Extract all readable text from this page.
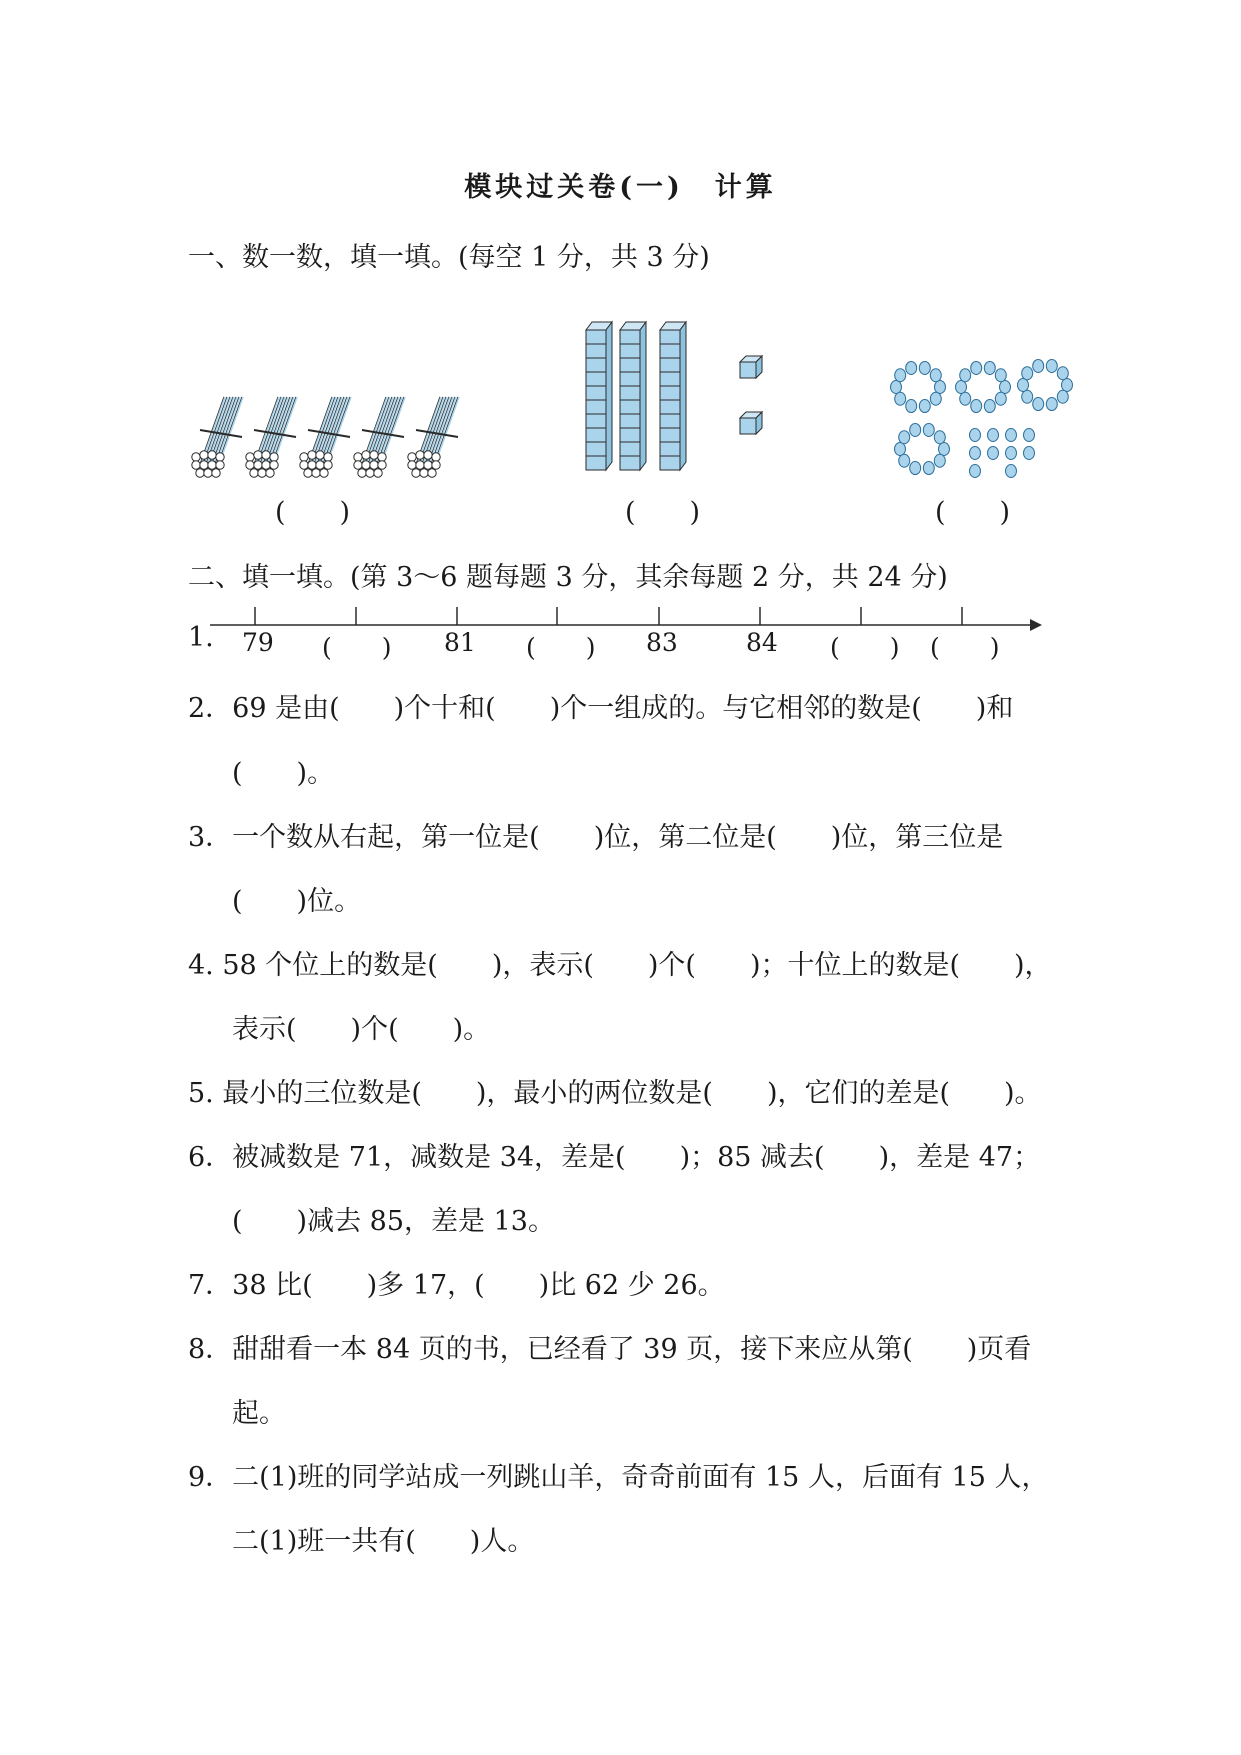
模块过关卷(一)　计算
一、数一数，填一填。(每空 1 分，共 3 分)
(　　)	(　　)	(　　)
二、填一填。(第 3～6 题每题 3 分，其余每题 2 分，共 24 分)
1. 79 (　　) 81 (　　) 83	84 (　　) (　　)
2．69 是由(　　)个十和(　　)个一组成的。与它相邻的数是(　　)和
(　　)。
3．一个数从右起，第一位是(　　)位，第二位是(　　)位，第三位是
(　　)位。
4. 58 个位上的数是(　　)，表示(　　)个(　　)；十位上的数是(　　)，
表示(　　)个(　　)。
5. 最小的三位数是(　　)，最小的两位数是(　　)，它们的差是(　　)。
6．被减数是 71，减数是 34，差是(　　)；85 减去(　　)，差是 47；
(　　)减去 85，差是 13。
7．38 比(　　)多 17，(　　)比 62 少 26。
8．甜甜看一本 84 页的书，已经看了 39 页，接下来应从第(　　)页看
起。
9．二(1)班的同学站成一列跳山羊，奇奇前面有 15 人，后面有 15 人，
二(1)班一共有(　　)人。
